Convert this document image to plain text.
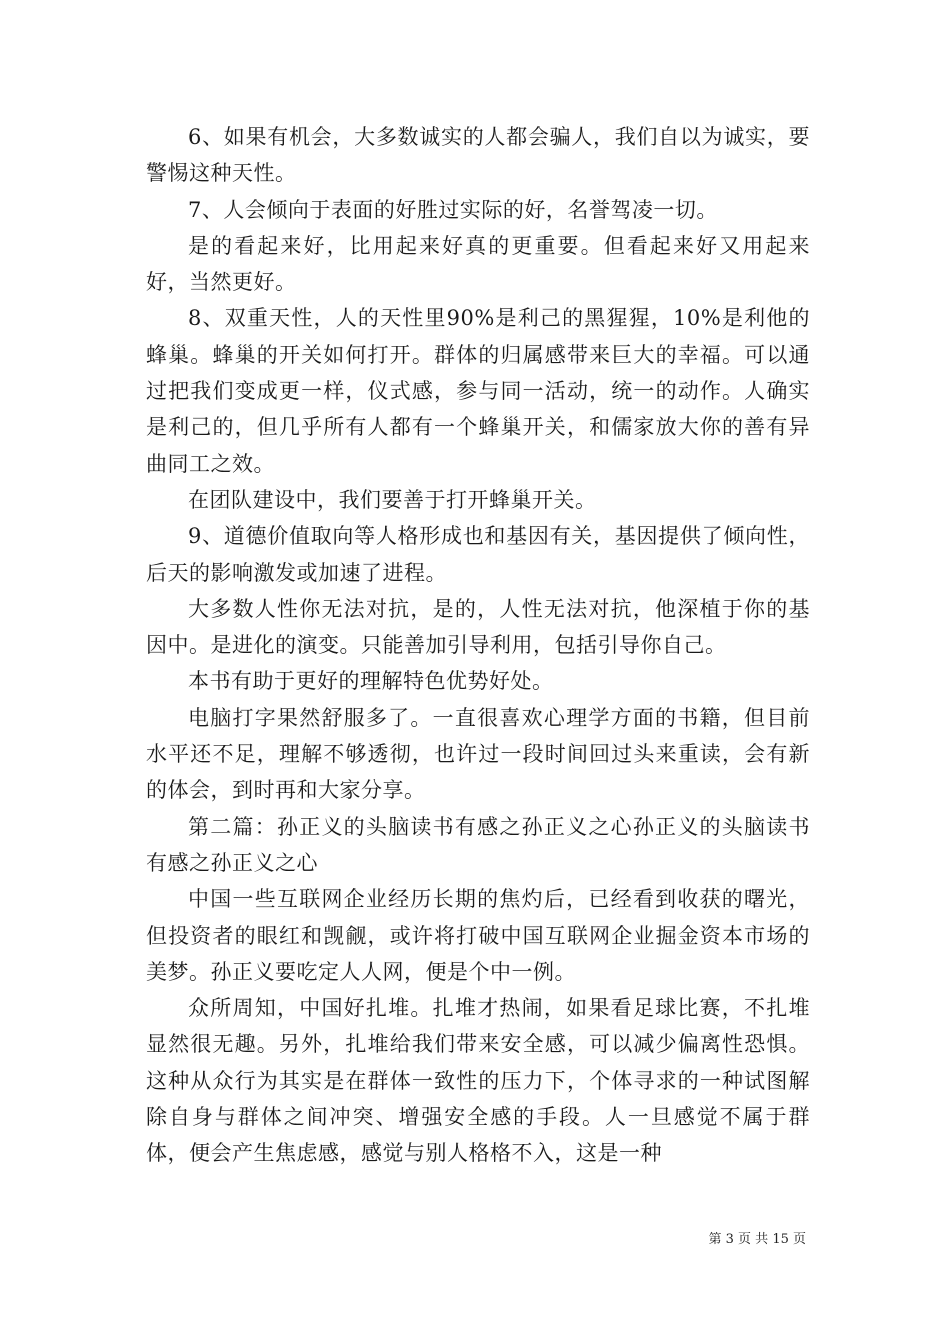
6、如果有机会，大多数诚实的人都会骗人，我们自以为诚实，要警惕这种天性。

7、人会倾向于表面的好胜过实际的好，名誉驾凌一切。

是的看起来好，比用起来好真的更重要。但看起来好又用起来好，当然更好。

8、双重天性，人的天性里90%是利己的黑猩猩，10%是利他的蜂巢。蜂巢的开关如何打开。群体的归属感带来巨大的幸福。可以通过把我们变成更一样，仪式感，参与同一活动，统一的动作。人确实是利己的，但几乎所有人都有一个蜂巢开关，和儒家放大你的善有异曲同工之效。

在团队建设中，我们要善于打开蜂巢开关。

9、道德价值取向等人格形成也和基因有关，基因提供了倾向性，后天的影响激发或加速了进程。

大多数人性你无法对抗，是的，人性无法对抗，他深植于你的基因中。是进化的演变。只能善加引导利用，包括引导你自己。

本书有助于更好的理解特色优势好处。

电脑打字果然舒服多了。一直很喜欢心理学方面的书籍，但目前水平还不足，理解不够透彻，也许过一段时间回过头来重读，会有新的体会，到时再和大家分享。

第二篇：孙正义的头脑读书有感之孙正义之心孙正义的头脑读书有感之孙正义之心

中国一些互联网企业经历长期的焦灼后，已经看到收获的曙光，但投资者的眼红和觊觎，或许将打破中国互联网企业掘金资本市场的美梦。孙正义要吃定人人网，便是个中一例。

众所周知，中国好扎堆。扎堆才热闹，如果看足球比赛，不扎堆显然很无趣。另外，扎堆给我们带来安全感，可以减少偏离性恐惧。这种从众行为其实是在群体一致性的压力下，个体寻求的一种试图解除自身与群体之间冲突、增强安全感的手段。人一旦感觉不属于群体，便会产生焦虑感，感觉与别人格格不入，这是一种

第 3 页 共 15 页
